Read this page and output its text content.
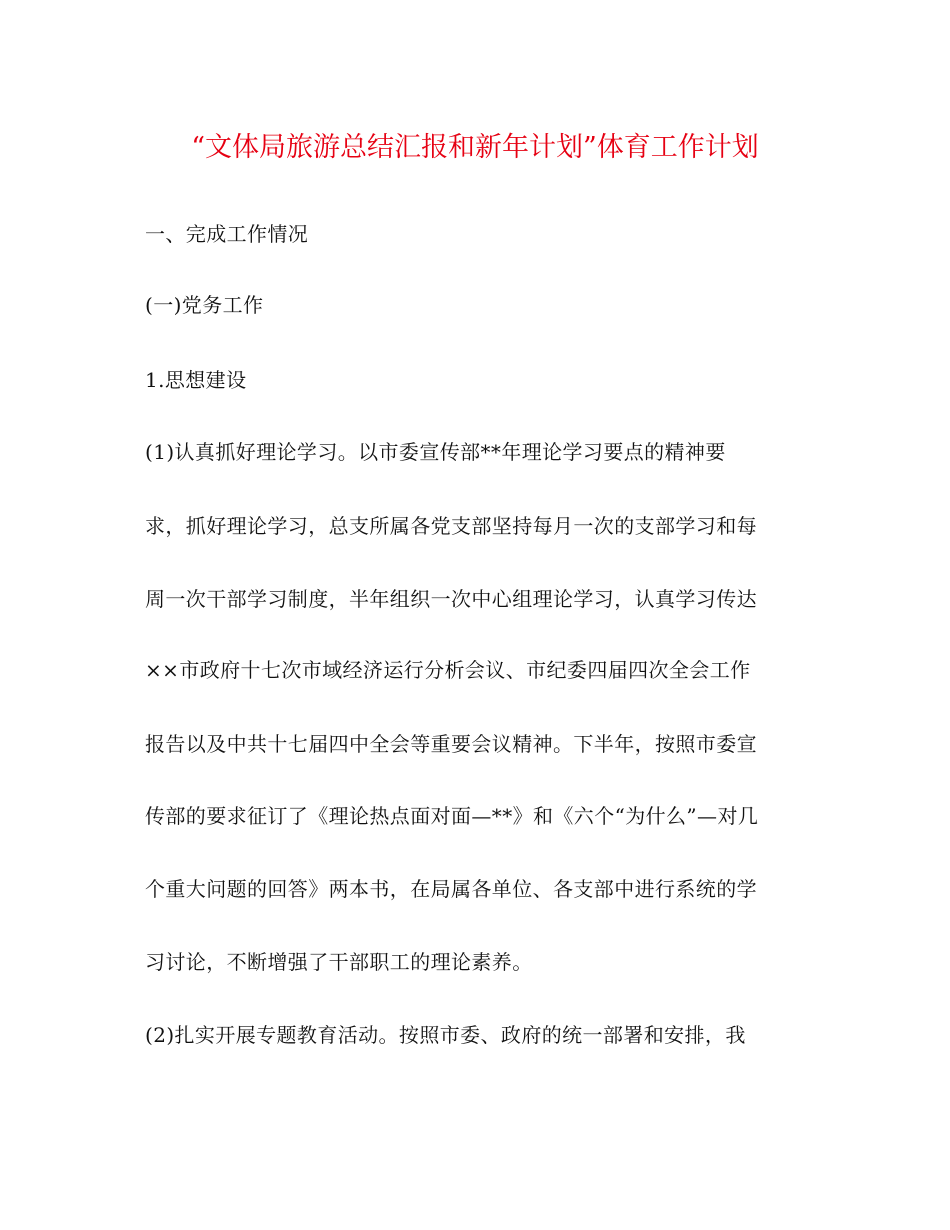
“文体局旅游总结汇报和新年计划”体育工作计划

一、完成工作情况

(一)党务工作

1.思想建设

(1)认真抓好理论学习。以市委宣传部**年理论学习要点的精神要

求，抓好理论学习，总支所属各党支部坚持每月一次的支部学习和每

周一次干部学习制度，半年组织一次中心组理论学习，认真学习传达

××市政府十七次市域经济运行分析会议、市纪委四届四次全会工作

报告以及中共十七届四中全会等重要会议精神。下半年，按照市委宣

传部的要求征订了《理论热点面对面—**》和《六个“为什么”—对几

个重大问题的回答》两本书，在局属各单位、各支部中进行系统的学

习讨论，不断增强了干部职工的理论素养。

(2)扎实开展专题教育活动。按照市委、政府的统一部署和安排，我
